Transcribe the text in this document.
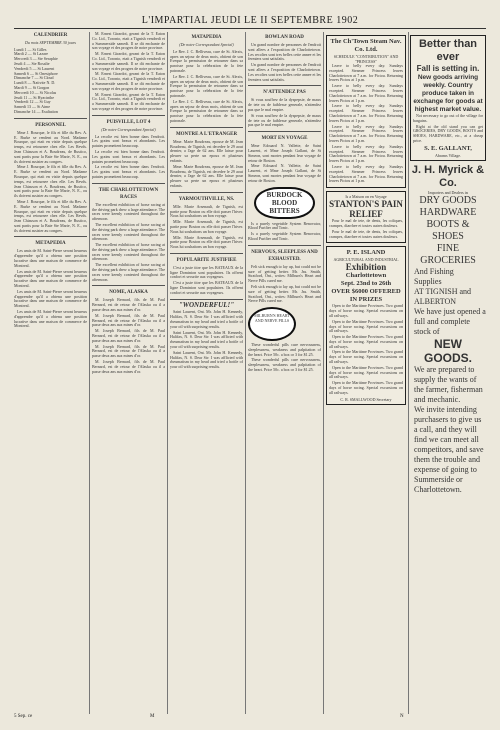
L'IMPARTIAL JEUDI LE II SEPTEMBRE 1902
CALENDRIER
Du mois SEPTEMBRE 30 jours
Lundi 1 — St Gilles
Mardi 2 — St Lazare
Mercredi 3 — Ste Seraphie
Jeudi 4 — Ste Rosalie
Vendredi 5 — St Laurent
Samedi 6 — St Onesiphore
Dimanche 7 — St Cloud
Lundi 8 — Nativite N. D.
Mardi 9 — St Gorgon
Mercredi 10 — St Nicolas
Jeudi 11 — St Hyacinthe
Vendredi 12 — St Guy
Samedi 13 — St Aime
Dimanche 14 — Exaltation
PERSONNEL
Mme J. Bourque, le fils et fille du Rev. A. E. Burke se rendent au Nord. Madame Bourque, qui etait en visite depuis quelque temps, est retournee chez elle. Les Revds. Jean Chiasson et A. Boudreau, de Rustico, sont partis pour la Baie Ste Marie, N. E., ou ils doivent assister au congres.
Mme J. Bourque, le fils et fille du Rev. A. E. Burke se rendent au Nord. Madame Bourque, qui etait en visite depuis quelque temps, est retournee chez elle. Les Revds. Jean Chiasson et A. Boudreau, de Rustico, sont partis pour la Baie Ste Marie, N. E., ou ils doivent assister au congres.
Mme J. Bourque, le fils et fille du Rev. A. E. Burke se rendent au Nord. Madame Bourque, qui etait en visite depuis quelque temps, est retournee chez elle. Les Revds. Jean Chiasson et A. Boudreau, de Rustico, sont partis pour la Baie Ste Marie, N. E., ou ils doivent assister au congres.
METAPEDIA
Les amis de M. Saint-Pierre seront heureux d'apprendre qu'il a obtenu une position lucrative dans une maison de commerce de Montreal.
Les amis de M. Saint-Pierre seront heureux d'apprendre qu'il a obtenu une position lucrative dans une maison de commerce de Montreal.
Les amis de M. Saint-Pierre seront heureux d'apprendre qu'il a obtenu une position lucrative dans une maison de commerce de Montreal.
Les amis de M. Saint-Pierre seront heureux d'apprendre qu'il a obtenu une position lucrative dans une maison de commerce de Montreal.
M. Ernest Girardot, gerant de la T. Eaton Co. Ltd., Toronto, etait a Tignish vendredi et a Summerside samedi. Il se dit enchante de son voyage et des progres de notre province.
M. Ernest Girardot, gerant de la T. Eaton Co. Ltd., Toronto, etait a Tignish vendredi et a Summerside samedi. Il se dit enchante de son voyage et des progres de notre province.
M. Ernest Girardot, gerant de la T. Eaton Co. Ltd., Toronto, etait a Tignish vendredi et a Summerside samedi. Il se dit enchante de son voyage et des progres de notre province.
M. Ernest Girardot, gerant de la T. Eaton Co. Ltd., Toronto, etait a Tignish vendredi et a Summerside samedi. Il se dit enchante de son voyage et des progres de notre province.
PUISVILLE, LOT 4
(De notre Correspondant Special)
La recolte est bien bonne dans l'endroit. Les grains sont beaux et abondants. Les patates promettent beaucoup.
La recolte est bien bonne dans l'endroit. Les grains sont beaux et abondants. Les patates promettent beaucoup.
La recolte est bien bonne dans l'endroit. Les grains sont beaux et abondants. Les patates promettent beaucoup.
THE CHARLOTTETOWN RACES
The excellent exhibition of horse racing at the driving park drew a large attendance. The races were keenly contested throughout the afternoon.
The excellent exhibition of horse racing at the driving park drew a large attendance. The races were keenly contested throughout the afternoon.
The excellent exhibition of horse racing at the driving park drew a large attendance. The races were keenly contested throughout the afternoon.
The excellent exhibition of horse racing at the driving park drew a large attendance. The races were keenly contested throughout the afternoon.
NOME, ALASKA
M. Joseph Bernard, fils de M. Paul Bernard, est de retour de l'Alaska ou il a passe deux ans aux mines d'or.
M. Joseph Bernard, fils de M. Paul Bernard, est de retour de l'Alaska ou il a passe deux ans aux mines d'or.
M. Joseph Bernard, fils de M. Paul Bernard, est de retour de l'Alaska ou il a passe deux ans aux mines d'or.
M. Joseph Bernard, fils de M. Paul Bernard, est de retour de l'Alaska ou il a passe deux ans aux mines d'or.
M. Joseph Bernard, fils de M. Paul Bernard, est de retour de l'Alaska ou il a passe deux ans aux mines d'or.
MATAPEDIA
(De notre Correspondant Special)
Le Rev. J. C. Belliveau, cure de St. Alexis, apres un sejour de deux mois, obtient de son Eveque la permission de retourner dans sa paroisse pour la celebration de la fete patronale.
Le Rev. J. C. Belliveau, cure de St. Alexis, apres un sejour de deux mois, obtient de son Eveque la permission de retourner dans sa paroisse pour la celebration de la fete patronale.
Le Rev. J. C. Belliveau, cure de St. Alexis, apres un sejour de deux mois, obtient de son Eveque la permission de retourner dans sa paroisse pour la celebration de la fete patronale.
MONTRE A L'ETRANGER
Mme. Marie Boudreau, epouse de M. Jean Boudreau, de Tignish, est decedee le 29 aout dernier, a l'age de 62 ans. Elle laisse pour pleurer sa perte un epoux et plusieurs enfants.
Mme. Marie Boudreau, epouse de M. Jean Boudreau, de Tignish, est decedee le 29 aout dernier, a l'age de 62 ans. Elle laisse pour pleurer sa perte un epoux et plusieurs enfants.
YARMOUTHVILLE, NS.
Mlle. Marie Arsenault, de Tignish, est partie pour Boston ou elle doit passer l'hiver. Nous lui souhaitons un bon voyage.
Mlle. Marie Arsenault, de Tignish, est partie pour Boston ou elle doit passer l'hiver. Nous lui souhaitons un bon voyage.
Mlle. Marie Arsenault, de Tignish, est partie pour Boston ou elle doit passer l'hiver. Nous lui souhaitons un bon voyage.
POPULARITE JUSTIFIEE
C'est a juste titre que les BATEAUX de la ligne Dominion sont populaires. Ils offrent confort et securite aux voyageurs.
C'est a juste titre que les BATEAUX de la ligne Dominion sont populaires. Ils offrent confort et securite aux voyageurs.
"WONDERFUL!"
Saint Laurent, Ont. Mr. John H. Kennedy, Halifax, N. S. Dear Sir: I was afflicted with rheumatism in my head and tried a bottle of your oil with surprising results.
Saint Laurent, Ont. Mr. John H. Kennedy, Halifax, N. S. Dear Sir: I was afflicted with rheumatism in my head and tried a bottle of your oil with surprising results.
Saint Laurent, Ont. Mr. John H. Kennedy, Halifax, N. S. Dear Sir: I was afflicted with rheumatism in my head and tried a bottle of your oil with surprising results.
BOWLAN ROAD
Un grand nombre de personnes de l'endroit sont allees a l'exposition de Charlottetown. Les recoltes sont tres belles cette annee et les fermiers sont satisfaits.
Un grand nombre de personnes de l'endroit sont allees a l'exposition de Charlottetown. Les recoltes sont tres belles cette annee et les fermiers sont satisfaits.
N'ATTENDEZ PAS
Si vous souffrez de la dyspepsie, de maux de tete ou de faiblesse generale, n'attendez pas que le mal empire.
Si vous souffrez de la dyspepsie, de maux de tete ou de faiblesse generale, n'attendez pas que le mal empire.
MORT EN VOYAGE
Mme Edouard N. Vallette, de Saint Laurent, et Mme Joseph Gallant, de St Simeon, sont mortes pendant leur voyage de retour de Boston.
Mme Edouard N. Vallette, de Saint Laurent, et Mme Joseph Gallant, de St Simeon, sont mortes pendant leur voyage de retour de Boston.
BURDOCK BLOOD BITTERS
Is a purely vegetable System Renovator, Blood Purifier and Tonic.
Is a purely vegetable System Renovator, Blood Purifier and Tonic.
NERVOUS, SLEEPLESS AND EXHAUSTED.
Felt sick enough to lay up, but could not be sure of getting better. Mr. Jas. Smith, Stratford, Ont., writes: Milburn's Heart and Nerve Pills cured me.
Felt sick enough to lay up, but could not be sure of getting better. Mr. Jas. Smith, Stratford, Ont., writes: Milburn's Heart and Nerve Pills cured me.
MILBURN'S HEART AND NERVE PILLS
These wonderful pills cure nervousness, sleeplessness, weakness and palpitation of the heart. Price 50c. a box or 3 for $1.25.
These wonderful pills cure nervousness, sleeplessness, weakness and palpitation of the heart. Price 50c. a box or 3 for $1.25.
The Ch'Town Steam Nav. Co. Ltd.
SCHEDULE "CONTRIBUTION" AND "PRINCESS"
Leave to belly every day. Sundays excepted. Steamer Princess leaves Charlottetown at 7 a.m. for Pictou. Returning leaves Pictou at 1 p.m.
Leave to belly every day. Sundays excepted. Steamer Princess leaves Charlottetown at 7 a.m. for Pictou. Returning leaves Pictou at 1 p.m.
Leave to belly every day. Sundays excepted. Steamer Princess leaves Charlottetown at 7 a.m. for Pictou. Returning leaves Pictou at 1 p.m.
Leave to belly every day. Sundays excepted. Steamer Princess leaves Charlottetown at 7 a.m. for Pictou. Returning leaves Pictou at 1 p.m.
Leave to belly every day. Sundays excepted. Steamer Princess leaves Charlottetown at 7 a.m. for Pictou. Returning leaves Pictou at 1 p.m.
Leave to belly every day. Sundays excepted. Steamer Princess leaves Charlottetown at 7 a.m. for Pictou. Returning leaves Pictou at 1 p.m.
Is a Maison on en Voyage
STANTON'S PAIN RELIEF
Pour le mal de tete, de dents, les coliques, crampes, diarrhee et toutes autres douleurs.
Pour le mal de tete, de dents, les coliques, crampes, diarrhee et toutes autres douleurs.
P. E. ISLAND
AGRICULTURAL AND INDUSTRIAL
Exhibition
Charlottetown
Sept. 23nd to 26th
OVER $6000 OFFERED IN PRIZES
Open to the Maritime Provinces. Two grand days of horse racing. Special excursions on all railways.
Open to the Maritime Provinces. Two grand days of horse racing. Special excursions on all railways.
Open to the Maritime Provinces. Two grand days of horse racing. Special excursions on all railways.
Open to the Maritime Provinces. Two grand days of horse racing. Special excursions on all railways.
Open to the Maritime Provinces. Two grand days of horse racing. Special excursions on all railways.
Open to the Maritime Provinces. Two grand days of horse racing. Special excursions on all railways.
C. R. SMALLWOOD Secretary
Better than ever
Fall is setting in.
New goods arriving weekly. Country produce taken in exchange for goods at highest market value.
Not necessary to go out of the village for bargains.
Right at the old stand you can get GROCERIES, DRY GOODS, BOOTS and SHOES, HARDWARE, etc., at a cheap price.
S. E. GALLANT,
Abrams Village.
J. H. Myrick & Co.
Importers and Dealers in
DRY GOODS
HARDWARE
BOOTS & SHOES
FINE
GROCERIES
And Fishing
Supplies
AT TIGNISH and
ALBERTON
We have just opened a full and complete stock of
NEW GOODS.
We are prepared to supply the wants of the farmer, fisherman and mechanic.
We invite intending purchasers to give us a call, and they will find we can meet all competitors, and save them the trouble and expense of going to Summerside or Charlottetown.
5 Sep. ce	M	N
